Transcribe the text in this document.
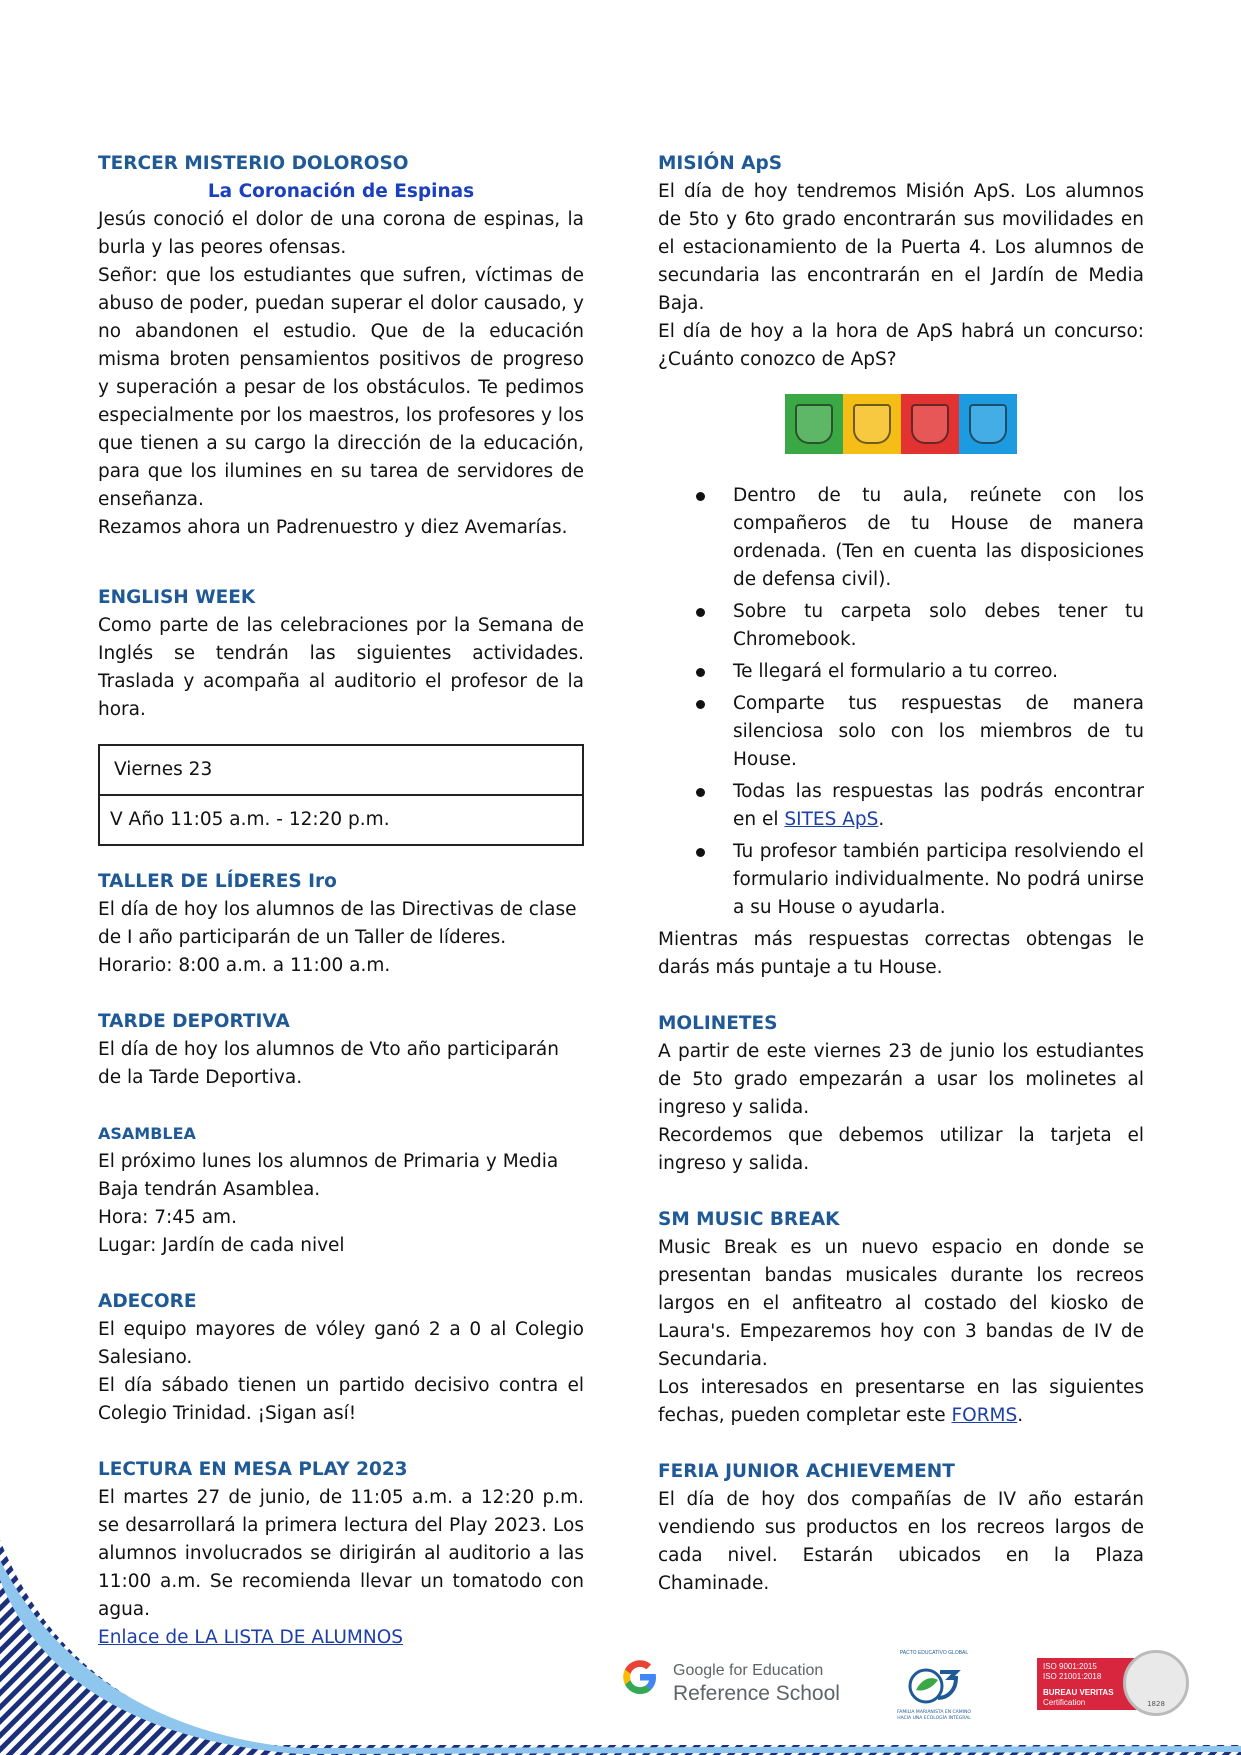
TERCER MISTERIO DOLOROSO
La Coronación de Espinas

Jesús conoció el dolor de una corona de espinas, la burla y las peores ofensas.

Señor: que los estudiantes que sufren, víctimas de abuso de poder, puedan superar el dolor causado, y no abandonen el estudio. Que de la educación misma broten pensamientos positivos de progreso y superación a pesar de los obstáculos. Te pedimos especialmente por los maestros, los profesores y los que tienen a su cargo la dirección de la educación, para que los ilumines en su tarea de servidores de enseñanza.

Rezamos ahora un Padrenuestro y diez Avemarías.

ENGLISH WEEK

Como parte de las celebraciones por la Semana de Inglés se tendrán las siguientes actividades. Traslada y acompaña al auditorio el profesor de la hora.

Viernes 23
V Año 11:05 a.m. - 12:20 p.m.
TALLER DE LÍDERES Iro

El día de hoy los alumnos de las Directivas de clase de I año participarán de un Taller de líderes.

Horario: 8:00 a.m. a 11:00 a.m.

TARDE DEPORTIVA

El día de hoy los alumnos de Vto año participarán de la Tarde Deportiva.

ASAMBLEA

El próximo lunes los alumnos de Primaria y Media

Baja tendrán Asamblea.

Hora: 7:45 am.

Lugar: Jardín de cada nivel

ADECORE

El equipo mayores de vóley ganó 2 a 0 al Colegio Salesiano.

El día sábado tienen un partido decisivo contra el Colegio Trinidad. ¡Sigan así!

LECTURA EN MESA PLAY 2023

El martes 27 de junio, de 11:05 a.m. a 12:20 p.m. se desarrollará la primera lectura del Play 2023. Los alumnos involucrados se dirigirán al auditorio a las 11:00 a.m. Se recomienda llevar un tomatodo con agua.

Enlace de LA LISTA DE ALUMNOS
MISIÓN ApS

El día de hoy tendremos Misión ApS. Los alumnos de 5to y 6to grado encontrarán sus movilidades en el estacionamiento de la Puerta 4. Los alumnos de secundaria las encontrarán en el Jardín de Media Baja.

El día de hoy a la hora de ApS habrá un concurso: ¿Cuánto conozco de ApS?

Dentro de tu aula, reúnete con los compañeros de tu House de manera ordenada. (Ten en cuenta las disposiciones de defensa civil).
Sobre tu carpeta solo debes tener tu Chromebook.
Te llegará el formulario a tu correo.
Comparte tus respuestas de manera silenciosa solo con los miembros de tu House.
Todas las respuestas las podrás encontrar en el SITES ApS.
Tu profesor también participa resolviendo el formulario individualmente. No podrá unirse a su House o ayudarla.

Mientras más respuestas correctas obtengas le darás más puntaje a tu House.

MOLINETES

A partir de este viernes 23 de junio los estudiantes de 5to grado empezarán a usar los molinetes al ingreso y salida.

Recordemos que debemos utilizar la tarjeta el ingreso y salida.

SM MUSIC BREAK

Music Break es un nuevo espacio en donde se presentan bandas musicales durante los recreos largos en el anfiteatro al costado del kiosko de Laura's. Empezaremos hoy con 3 bandas de IV de Secundaria.

Los interesados en presentarse en las siguientes fechas, pueden completar este FORMS.

FERIA JUNIOR ACHIEVEMENT

El día de hoy dos compañías de IV año estarán vendiendo sus productos en los recreos largos de cada nivel. Estarán ubicados en la Plaza Chaminade.

Google for Education
Reference School
PACTO EDUCATIVO GLOBAL
FAMILIA MARIANISTA EN CAMINO HACIA UNA ECOLOGÍA INTEGRAL
ISO 9001:2015
ISO 21001:2018
BUREAU VERITAS
Certification	1828
